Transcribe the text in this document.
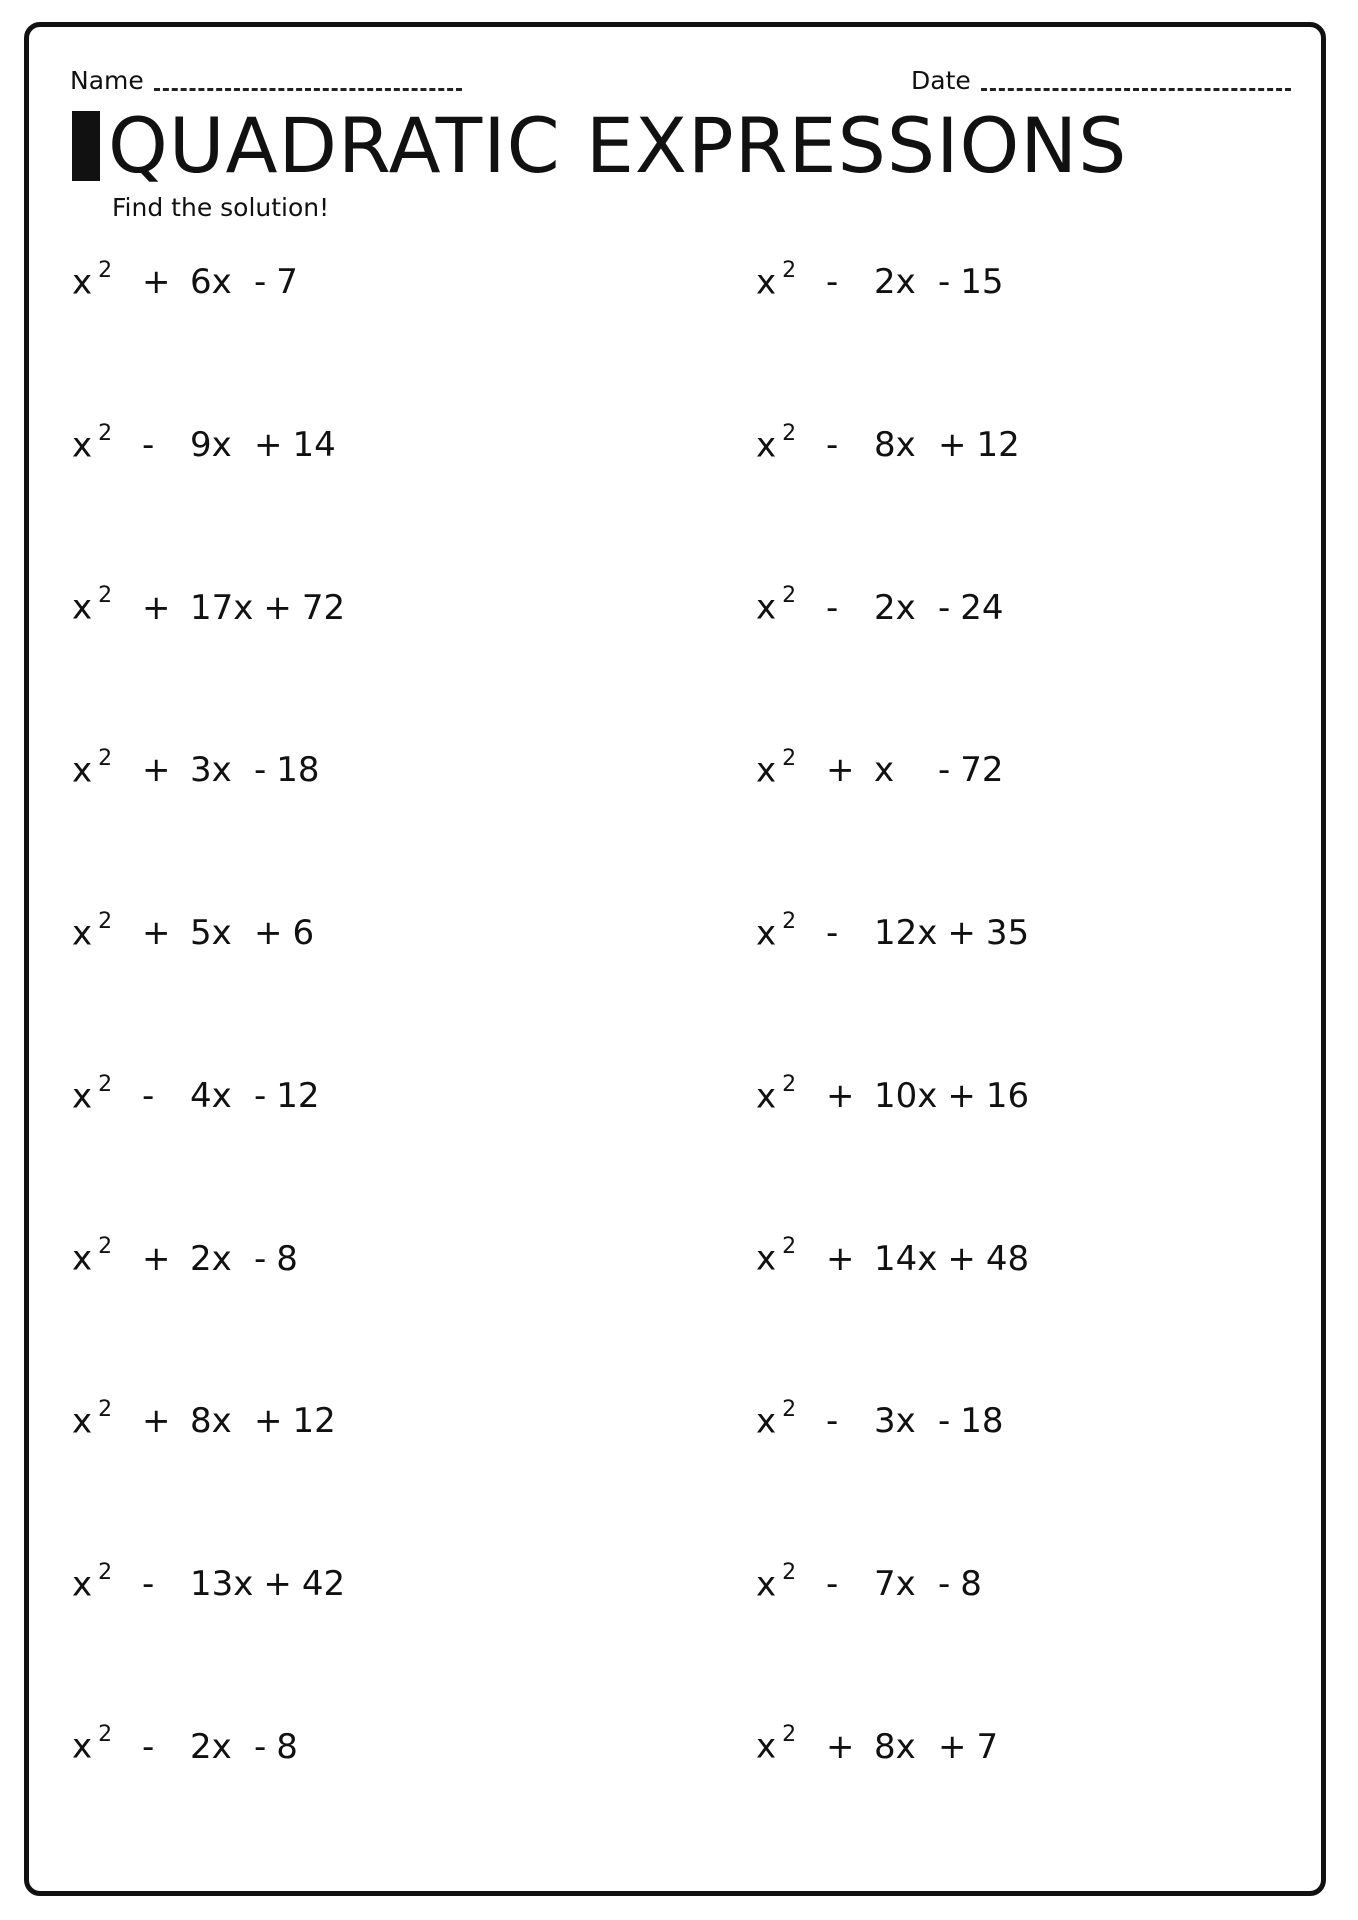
Name	Date
QUADRATIC EXPRESSIONS
Find the solution!
x $^2$ + 6x - 7
x $^2$ -	9x + 14
x $^2$ + 17x + 72
x $^2$ + 3x - 18
x $^2$ + 5x + 6
x $^2$ -	4x - 12
x $^2$ + 2x - 8
x $^2$ + 8x + 12
x $^2$ -	13x + 42
x $^2$ -	2x - 8
x $^2$ -	2x - 15
x $^2$ -	8x + 12
x $^2$ -	2x - 24
x $^2$ + x	- 72
x $^2$ -	12x + 35
x $^2$ + 10x + 16
x $^2$ + 14x + 48
x $^2$ -	3x - 18
x $^2$ -	7x - 8
x $^2$ + 8x + 7
